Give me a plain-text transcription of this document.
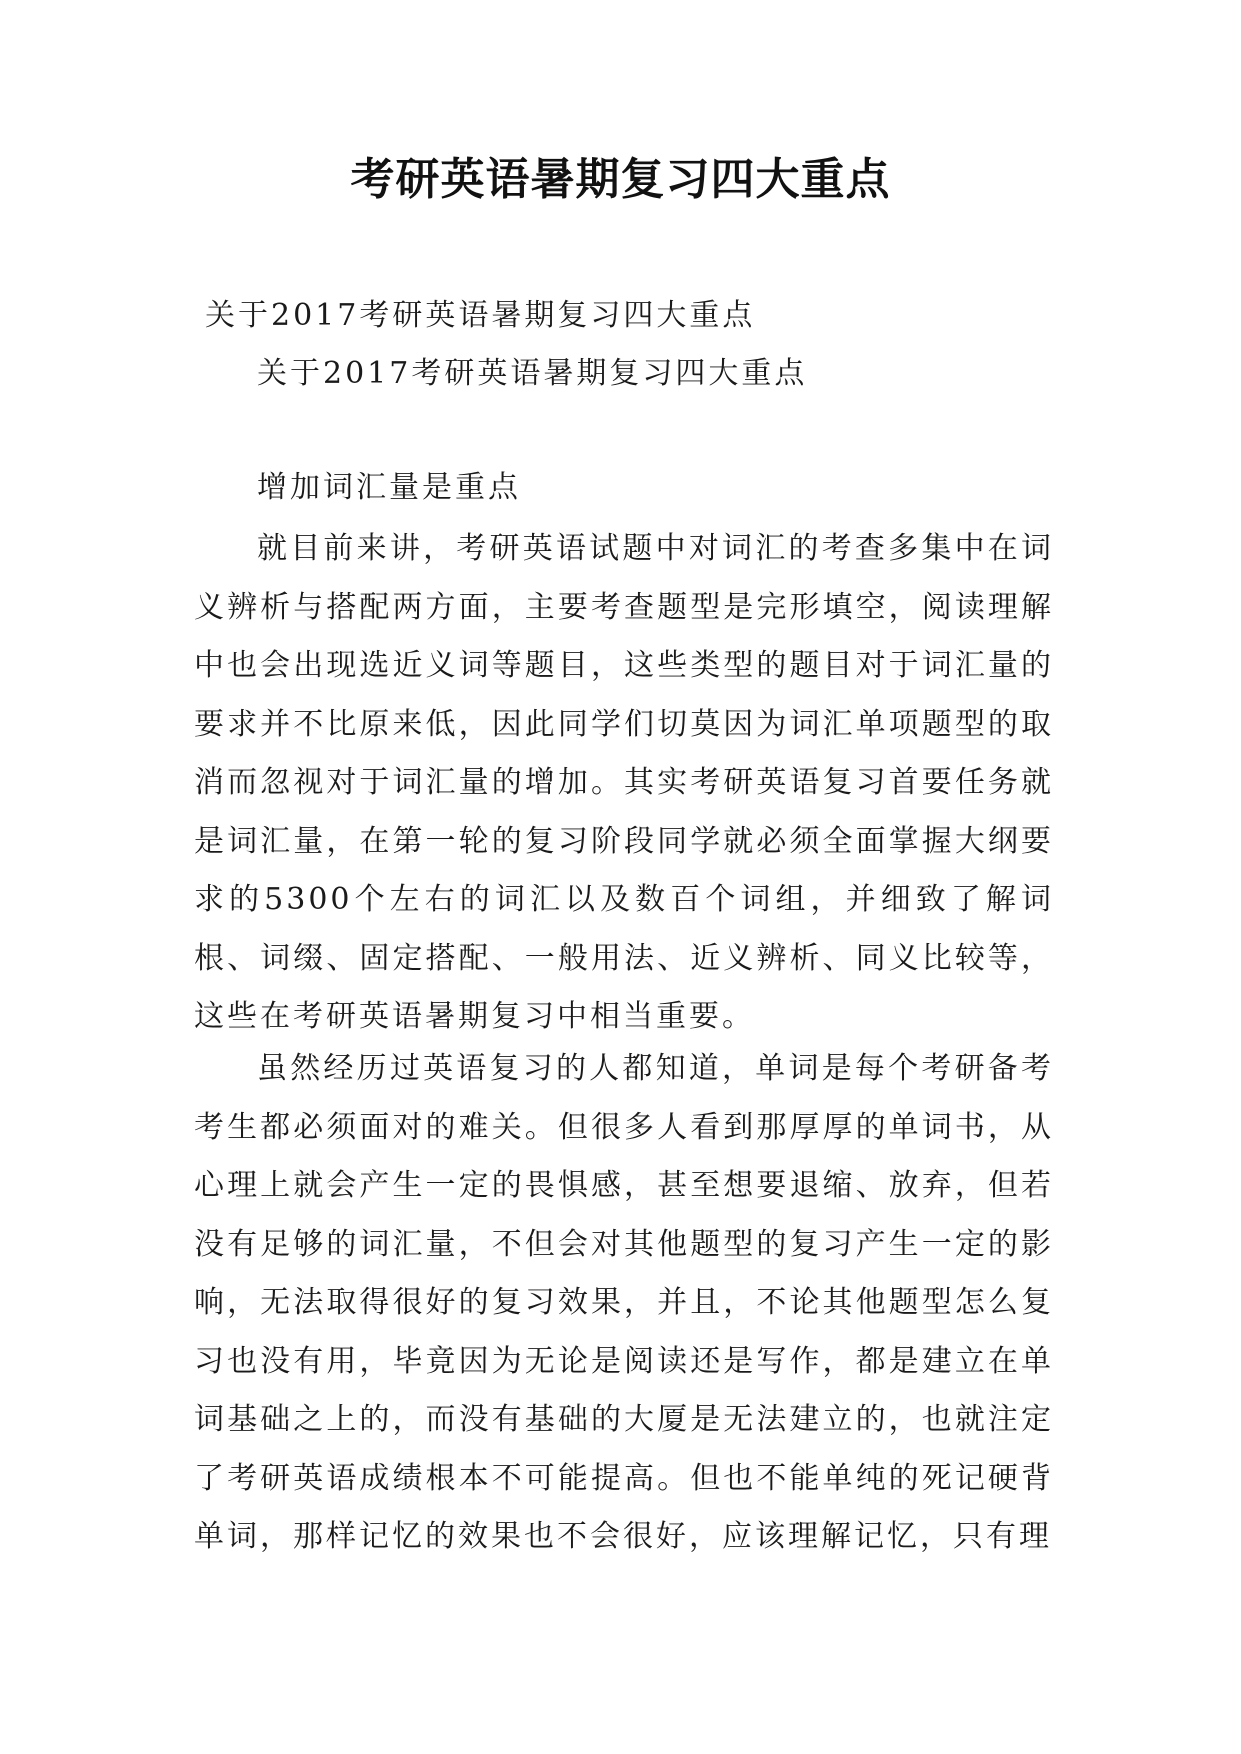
考研英语暑期复习四大重点
关于2017考研英语暑期复习四大重点
关于2017考研英语暑期复习四大重点
增加词汇量是重点

就目前来讲，考研英语试题中对词汇的考查多集中在词义辨析与搭配两方面，主要考查题型是完形填空，阅读理解中也会出现选近义词等题目，这些类型的题目对于词汇量的要求并不比原来低，因此同学们切莫因为词汇单项题型的取消而忽视对于词汇量的增加。其实考研英语复习首要任务就是词汇量，在第一轮的复习阶段同学就必须全面掌握大纲要求的5300个左右的词汇以及数百个词组，并细致了解词根、词缀、固定搭配、一般用法、近义辨析、同义比较等，这些在考研英语暑期复习中相当重要。

虽然经历过英语复习的人都知道，单词是每个考研备考考生都必须面对的难关。但很多人看到那厚厚的单词书，从心理上就会产生一定的畏惧感，甚至想要退缩、放弃，但若没有足够的词汇量，不但会对其他题型的复习产生一定的影响，无法取得很好的复习效果，并且，不论其他题型怎么复习也没有用，毕竟因为无论是阅读还是写作，都是建立在单词基础之上的，而没有基础的大厦是无法建立的，也就注定了考研英语成绩根本不可能提高。但也不能单纯的死记硬背单词，那样记忆的效果也不会很好，应该理解记忆，只有理
